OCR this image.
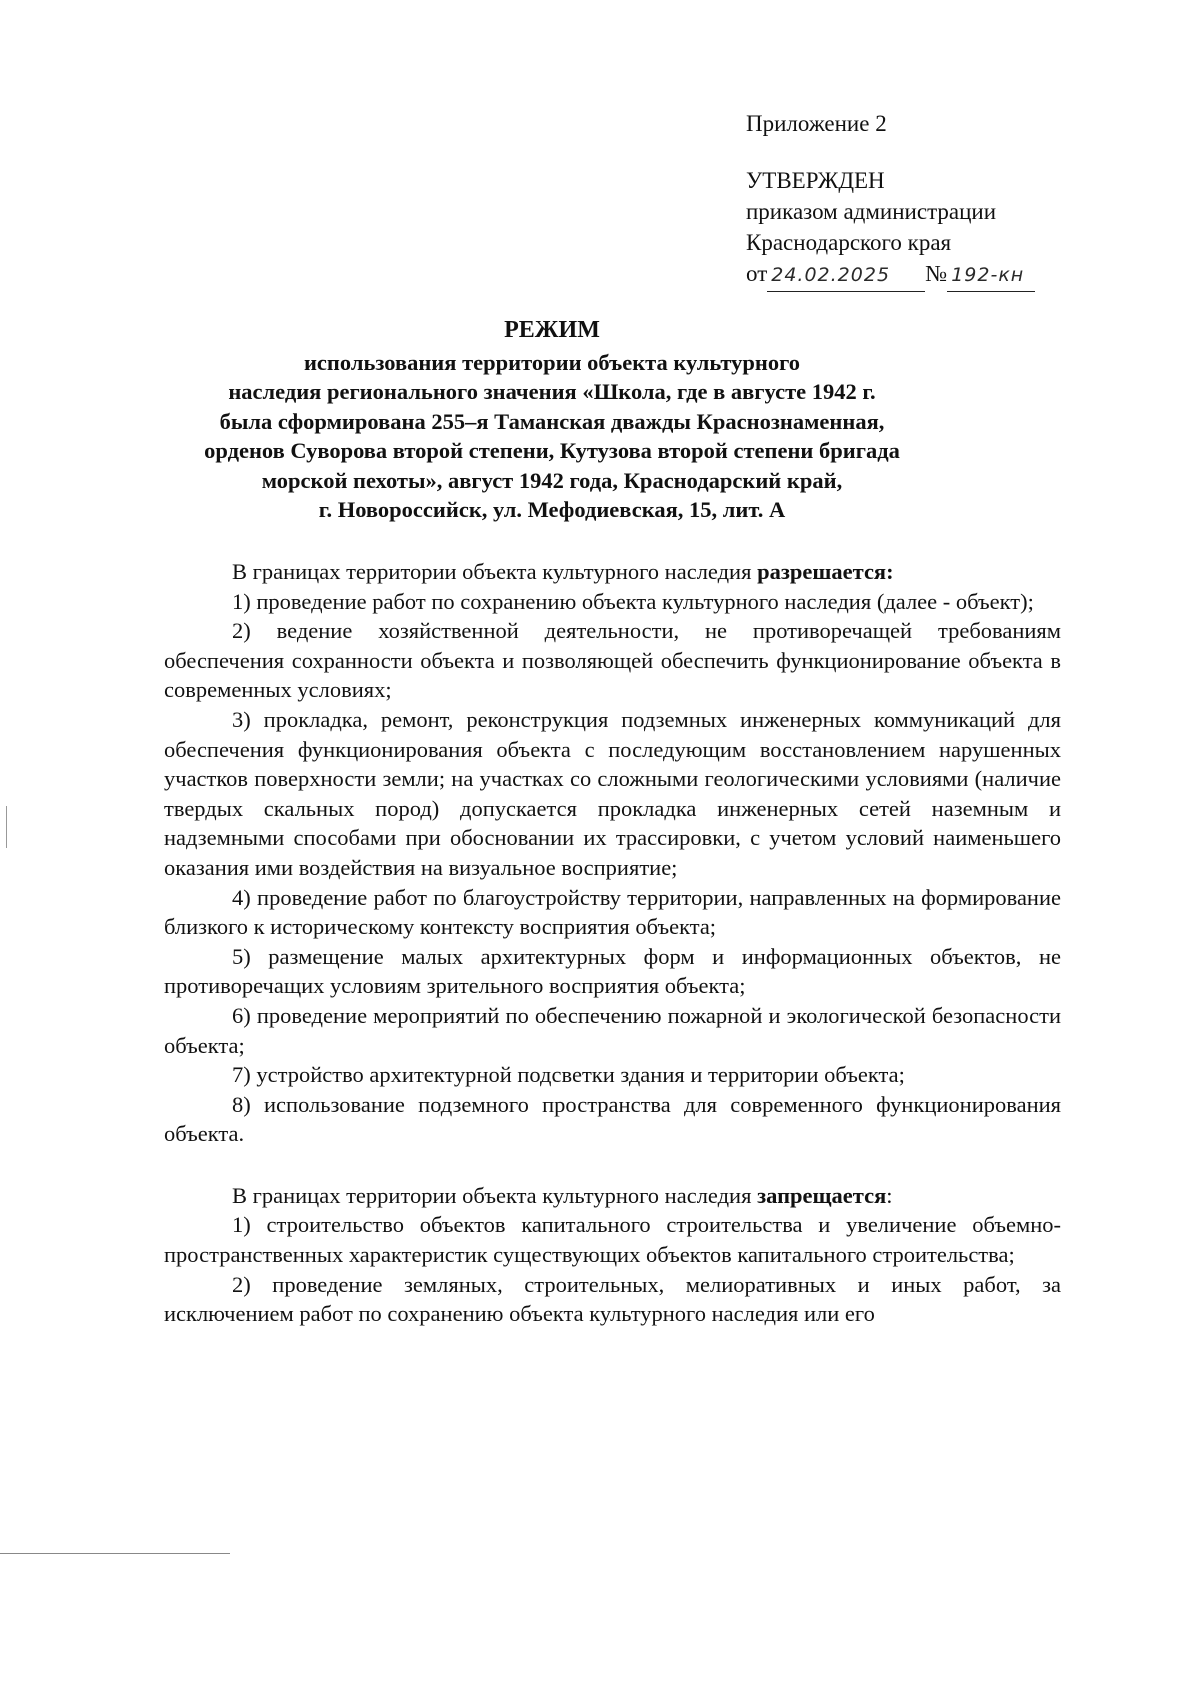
Приложение 2
УТВЕРЖДЕН
приказом администрации
Краснодарского края
от 24.02.2025	№ 192-кн
РЕЖИМ
использования территории объекта культурного
наследия регионального значения «Школа, где в августе 1942 г.
была сформирована 255–я Таманская дважды Краснознаменная,
орденов Суворова второй степени, Кутузова второй степени бригада
морской пехоты», август 1942 года, Краснодарский край,
г. Новороссийск, ул. Мефодиевская, 15, лит. А

В границах территории объекта культурного наследия разрешается:

1) проведение работ по сохранению объекта культурного наследия (далее - объект);

2) ведение хозяйственной деятельности, не противоречащей требованиям обеспечения сохранности объекта и позволяющей обеспечить функционирование объекта в современных условиях;

3) прокладка, ремонт, реконструкция подземных инженерных коммуникаций для обеспечения функционирования объекта с последующим восстановлением нарушенных участков поверхности земли; на участках со сложными геологическими условиями (наличие твердых скальных пород) допускается прокладка инженерных сетей наземным и надземными способами при обосновании их трассировки, с учетом условий наименьшего оказания ими воздействия на визуальное восприятие;

4) проведение работ по благоустройству территории, направленных на формирование близкого к историческому контексту восприятия объекта;

5) размещение малых архитектурных форм и информационных объектов, не противоречащих условиям зрительного восприятия объекта;

6) проведение мероприятий по обеспечению пожарной и экологической безопасности объекта;

7) устройство архитектурной подсветки здания и территории объекта;

8) использование подземного пространства для современного функционирования объекта.

В границах территории объекта культурного наследия запрещается:

1) строительство объектов капитального строительства и увеличение объемно-пространственных характеристик существующих объектов капитального строительства;

2) проведение земляных, строительных, мелиоративных и иных работ, за исключением работ по сохранению объекта культурного наследия или его
